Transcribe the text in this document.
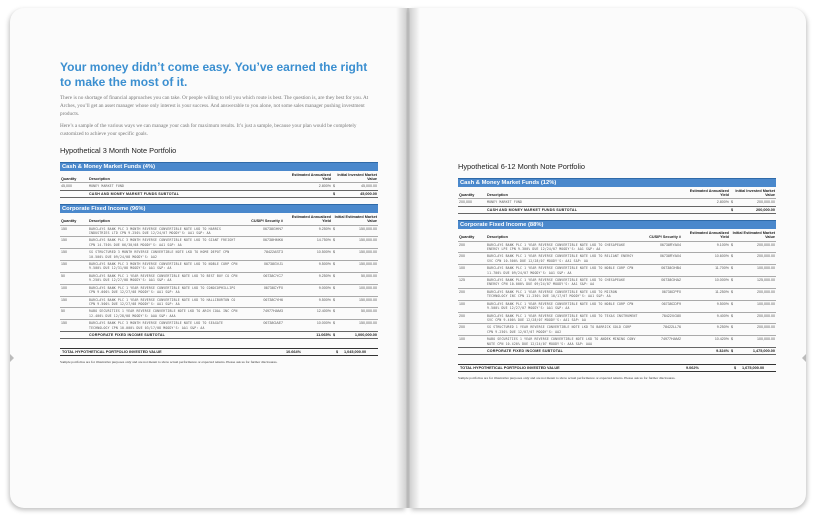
Your money didn’t come easy. You’ve earned the right to make the most of it.

There is no shortage of financial approaches you can take. Or people willing to tell you which route is best. The question is, are they best for you. At Arches, you’ll get an asset manager whose only interest is your success. And answerable to you alone, not some sales manager pushing investment products.

Here’s a sample of the various ways we can manage your cash for maximum results. It’s just a sample, because your plan would be completely customized to achieve your specific goals.

Hypothetical 3 Month Note Portfolio
Cash & Money Market Funds (4%)
Quantity	Description		Estimated Annualized Yield	Initial Invested Market Value
45,000	MONEY MARKET FUND		2.800%	$ 45,000.00
	CASH AND MONEY MARKET FUNDS SUBTOTAL			$ 45,000.00
Corporate Fixed Income (96%)
Quantity	Description	CUSIP/ Security #	Estimated Annualized Yield	Initial Estimated Market Value
150	BARCLAYS BANK PLC 3 MONTH REVERSE CONVERTIBLE NOTE LKD TO HARRIS INDUSTRIES LTD CPN 9.250% DUE 12/24/07 MOODY'S: AA1 S&P: AA	06738GHN7	9.250%	$ 150,000.00
150	BARCLAYS BANK PLC 3 MONTH REVERSE CONVERTIBLE NOTE LKD TO GIANT FREIGHT CPN 14.750% DUE 06/30/08 MOODY'S: AA1 S&P: AA	06738HMK6	14.750%	$ 150,000.00
150	SG STRUCTURED 3 MONTH REVERSE CONVERTIBLE NOTE LKD TO HOME DEPOT CPN 10.500% DUE 09/24/08 MOODY'S: AA2	78422AST3	10.500%	$ 150,000.00
150	BARCLAYS BANK PLC 3 MONTH REVERSE CONVERTIBLE NOTE LKD TO NOBLE CORP CPN 9.500% DUE 12/31/08 MOODY'S: AA1 S&P: AA	06738GVJ1	9.500%	$ 150,000.00
50	BARCLAYS BANK PLC 1 YEAR REVERSE CONVERTIBLE NOTE LKD TO BEST BUY CO CPN 9.250% DUE 12/27/08 MOODY'S: AA1 S&P: AA	06738CYC7	9.250%	$ 50,000.00
100	BARCLAYS BANK PLC 1 YEAR REVERSE CONVERTIBLE NOTE LKD TO CONOCOPHILLIPS CPN 9.000% DUE 12/27/08 MOODY'S: AA1 S&P: AA	06738CYF0	9.000%	$ 100,000.00
150	BARCLAYS BANK PLC 1 YEAR REVERSE CONVERTIBLE NOTE LKD TO HALLIBURTON CO CPN 9.500% DUE 12/27/08 MOODY'S: AA1 S&P: AA	06738CYH6	9.500%	$ 150,000.00
50	RABO SECURITIES 1 YEAR REVERSE CONVERTIBLE NOTE LKD TO ARCH COAL INC CPN 12.400% DUE 12/28/08 MOODY'S: AAA S&P: AAA	74977HAM3	12.400%	$ 50,000.00
150	BARCLAYS BANK PLC 3 MONTH REVERSE CONVERTIBLE NOTE LKD TO SEAGATE TECHNOLOGY CPN 10.000% DUE 03/17/08 MOODY'S: AA1 S&P: AA	06738GAE7	10.000%	$ 150,000.00
	CORPORATE FIXED INCOME SUBTOTAL		11.065%	$ 1,000,000.00
TOTAL HYPOTHETICAL PORTFOLIO INVESTED VALUE	10.664%	$ 1,045,000.00
Sample portfolios are for illustrative purposes only and are not meant to show actual performance or expected returns. Please ask us for further disclosures.
Hypothetical 6-12 Month Note Portfolio
Cash & Money Market Funds (12%)
Quantity	Description		Estimated Annualized Yield	Initial Invested Market Value
200,000	MONEY MARKET FUND		2.800%	$ 200,000.00
	CASH AND MONEY MARKET FUNDS SUBTOTAL			$ 200,000.00
Corporate Fixed Income (88%)
Quantity	Description	CUSIP/ Security #	Estimated Annualized Yield	Initial Estimated Market Value
200	BARCLAYS BANK PLC 1 YEAR REVERSE CONVERTIBLE NOTE LKD TO CHESAPEAKE ENERGY LPE CPN 9.300% DUE 12/24/07 MOODY'S: AA1 S&P: AA	06738RYA04	9.100%	$ 200,000.00
200	BARCLAYS BANK PLC 1 YEAR REVERSE CONVERTIBLE NOTE LKD TO RELIANT ENERGY SVC CPN 10.500% DUE 12/28/07 MOODY'S: AA1 S&P: AA	06738RYA04	10.600%	$ 200,000.00
100	BARCLAYS BANK PLC 1 YEAR REVERSE CONVERTIBLE NOTE LKD TO NOBLE CORP CPN 11.700% DUE 09/24/07 MOODY'S: AA1 S&P: AA	06738GHB4	11.700%	$ 100,000.00
125	BARCLAYS BANK PLC 1 YEAR REVERSE CONVERTIBLE NOTE LKD TO CHESAPEAKE ENERGY CPN 10.000% DUE 09/24/07 MOODY'S: AA1 S&P: AA	06738GHA2	10.000%	$ 125,000.00
200	BARCLAYS BANK PLC 1 YEAR REVERSE CONVERTIBLE NOTE LKD TO MICRON TECHNOLOGY INC CPN 11.250% DUE 10/17/07 MOODY'S: AA1 S&P: AA	06738CPF0	11.250%	$ 200,000.00
100	BARCLAYS BANK PLC 1 YEAR REVERSE CONVERTIBLE NOTE LKD TO NOBLE CORP CPN 9.500% DUE 12/27/07 MOODY'S: AA1 S&P: AA	06738CDF9	9.500%	$ 100,000.00
200	BARCLAYS BANK PLC 1 YEAR REVERSE CONVERTIBLE NOTE LKD TO TEXAS INSTRUMENT SVC CPN 9.400% DUE 12/28/07 MOODY'S: AA1 S&P: AA	78422XG80	9.400%	$ 200,000.00
200	SG STRUCTURED 1 YEAR REVERSE CONVERTIBLE NOTE LKD TO BARRICK GOLD CORP CPN 9.250% DUE 12/07/07 MOODY'S: AA2	78422LL76	9.250%	$ 200,000.00
100	RABO SECURITIES 1 YEAR REVERSE CONVERTIBLE NOTE LKD TO ANDEK MINING CONV NOTE CPN 10.420% DUE 12/24/07 MOODY'S: AAA S&P: AAA	74977HAM2	10.420%	$ 100,000.00
	CORPORATE FIXED INCOME SUBTOTAL		9.324%	$ 1,475,000.00
TOTAL HYPOTHETICAL PORTFOLIO INVESTED VALUE	9.062%	$ 1,675,000.00
Sample portfolios are for illustrative purposes only and are not meant to show actual performance or expected returns. Please ask us for further disclosures.
